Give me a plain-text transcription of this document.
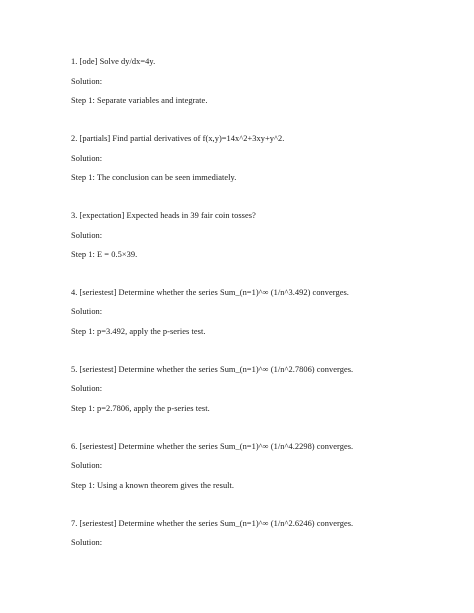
1. [ode] Solve dy/dx=4y.
Solution:
Step 1: Separate variables and integrate.
2. [partials] Find partial derivatives of f(x,y)=14x^2+3xy+y^2.
Solution:
Step 1: The conclusion can be seen immediately.
3. [expectation] Expected heads in 39 fair coin tosses?
Solution:
Step 1: E = 0.5×39.
4. [seriestest] Determine whether the series Sum_(n=1)^∞ (1/n^3.492) converges.
Solution:
Step 1: p=3.492, apply the p-series test.
5. [seriestest] Determine whether the series Sum_(n=1)^∞ (1/n^2.7806) converges.
Solution:
Step 1: p=2.7806, apply the p-series test.
6. [seriestest] Determine whether the series Sum_(n=1)^∞ (1/n^4.2298) converges.
Solution:
Step 1: Using a known theorem gives the result.
7. [seriestest] Determine whether the series Sum_(n=1)^∞ (1/n^2.6246) converges.
Solution:
